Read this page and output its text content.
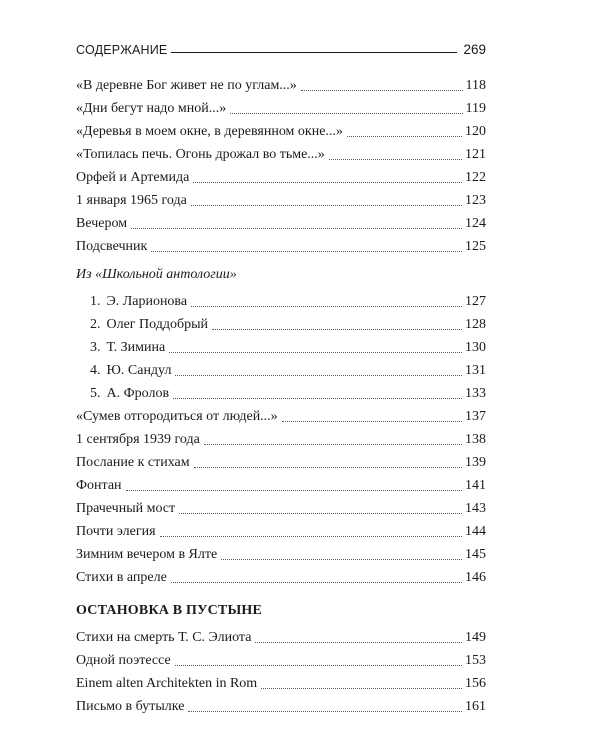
СОДЕРЖАНИЕ	269
«В деревне Бог живет не по углам...»	118
«Дни бегут надо мной...»	119
«Деревья в моем окне, в деревянном окне...»	120
«Топилась печь. Огонь дрожал во тьме...»	121
Орфей и Артемида	122
1 января 1965 года	123
Вечером	124
Подсвечник	125
Из «Школьной антологии»
1. Э. Ларионова	127
2. Олег Поддобрый	128
3. Т. Зимина	130
4. Ю. Сандул	131
5. А. Фролов	133
«Сумев отгородиться от людей...»	137
1 сентября 1939 года	138
Послание к стихам	139
Фонтан	141
Прачечный мост	143
Почти элегия	144
Зимним вечером в Ялте	145
Стихи в апреле	146
ОСТАНОВКА В ПУСТЫНЕ
Стихи на смерть Т. С. Элиота	149
Одной поэтессе	153
Einem alten Architekten in Rom	156
Письмо в бутылке	161
